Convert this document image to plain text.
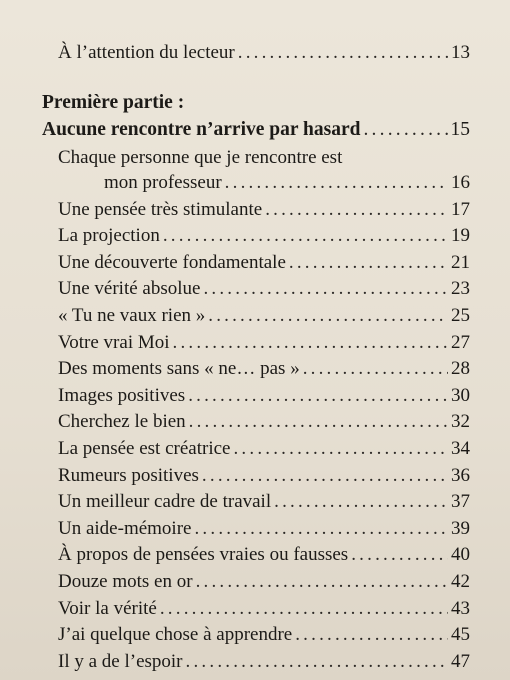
À l’attention du lecteur .....	13
Première partie :
Aucune rencontre n’arrive par hasard .....	15
Chaque personne que je rencontre est
mon professeur .....	16
Une pensée très stimulante .....	17
La projection .....	19
Une découverte fondamentale .....	21
Une vérité absolue .....	23
« Tu ne vaux rien » .....	25
Votre vrai Moi .....	27
Des moments sans « ne… pas » .....	28
Images positives .....	30
Cherchez le bien .....	32
La pensée est créatrice .....	34
Rumeurs positives .....	36
Un meilleur cadre de travail .....	37
Un aide-mémoire .....	39
À propos de pensées vraies ou fausses .....	40
Douze mots en or .....	42
Voir la vérité .....	43
J’ai quelque chose à apprendre .....	45
Il y a de l’espoir .....	47
